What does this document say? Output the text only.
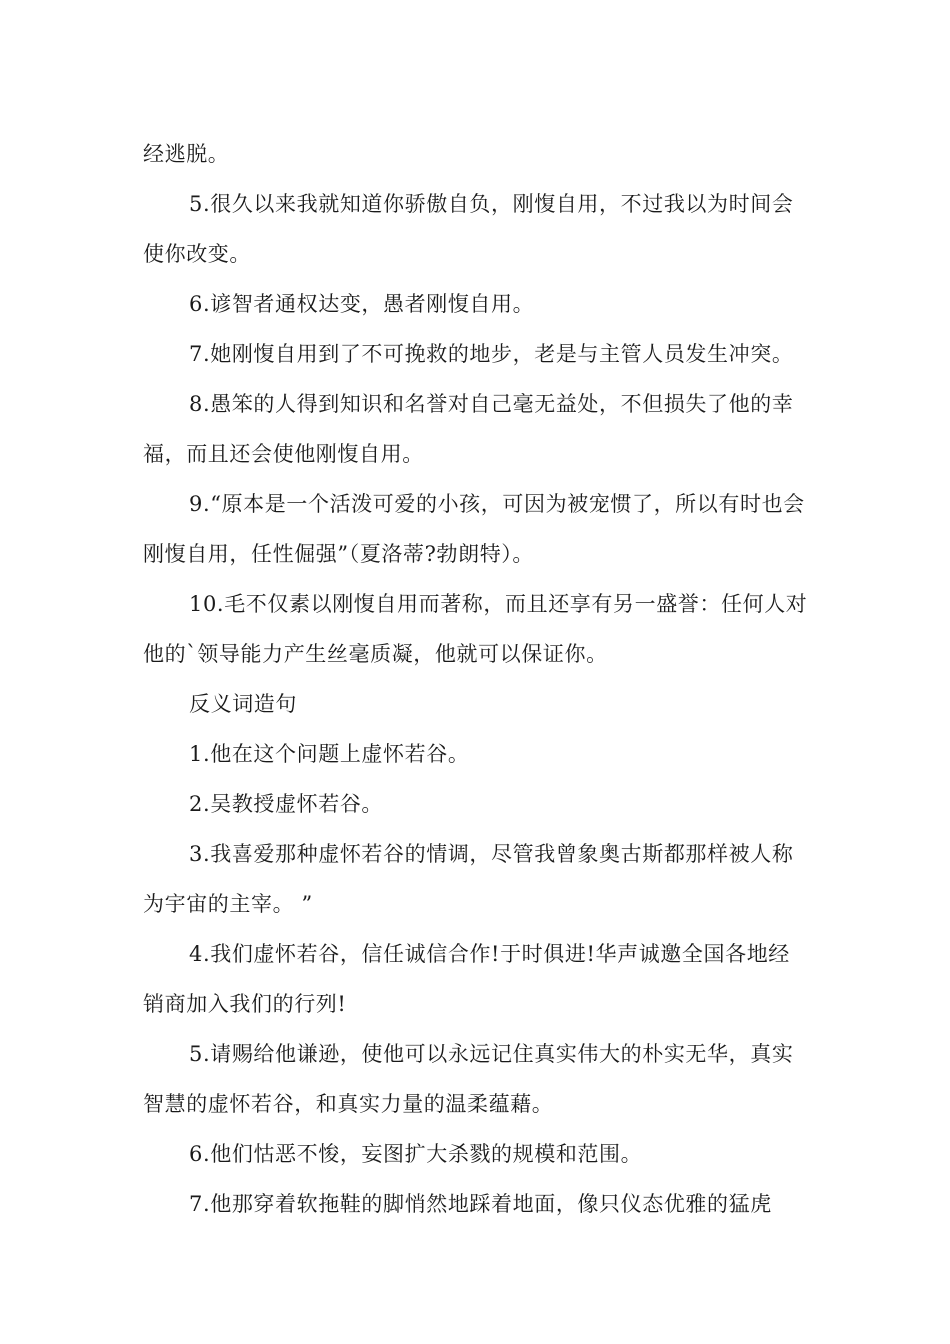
经逃脱。

5.很久以来我就知道你骄傲自负，刚愎自用，不过我以为时间会使你改变。

6.谚智者通权达变，愚者刚愎自用。

7.她刚愎自用到了不可挽救的地步，老是与主管人员发生冲突。

8.愚笨的人得到知识和名誉对自己毫无益处，不但损失了他的幸福，而且还会使他刚愎自用。

9.“原本是一个活泼可爱的小孩，可因为被宠惯了，所以有时也会刚愎自用，任性倔强”（夏洛蒂?勃朗特）。

10.毛不仅素以刚愎自用而著称，而且还享有另一盛誉：任何人对他的`领导能力产生丝毫质凝，他就可以保证你。

反义词造句

1.他在这个问题上虚怀若谷。

2.吴教授虚怀若谷。

3.我喜爱那种虚怀若谷的情调，尽管我曾象奥古斯都那样被人称为宇宙的主宰。 ”

4.我们虚怀若谷，信任诚信合作!于时俱进!华声诚邀全国各地经销商加入我们的行列!

5.请赐给他谦逊，使他可以永远记住真实伟大的朴实无华，真实智慧的虚怀若谷，和真实力量的温柔蕴藉。

6.他们怙恶不悛，妄图扩大杀戮的规模和范围。

7.他那穿着软拖鞋的脚悄然地踩着地面，像只仪态优雅的猛虎
